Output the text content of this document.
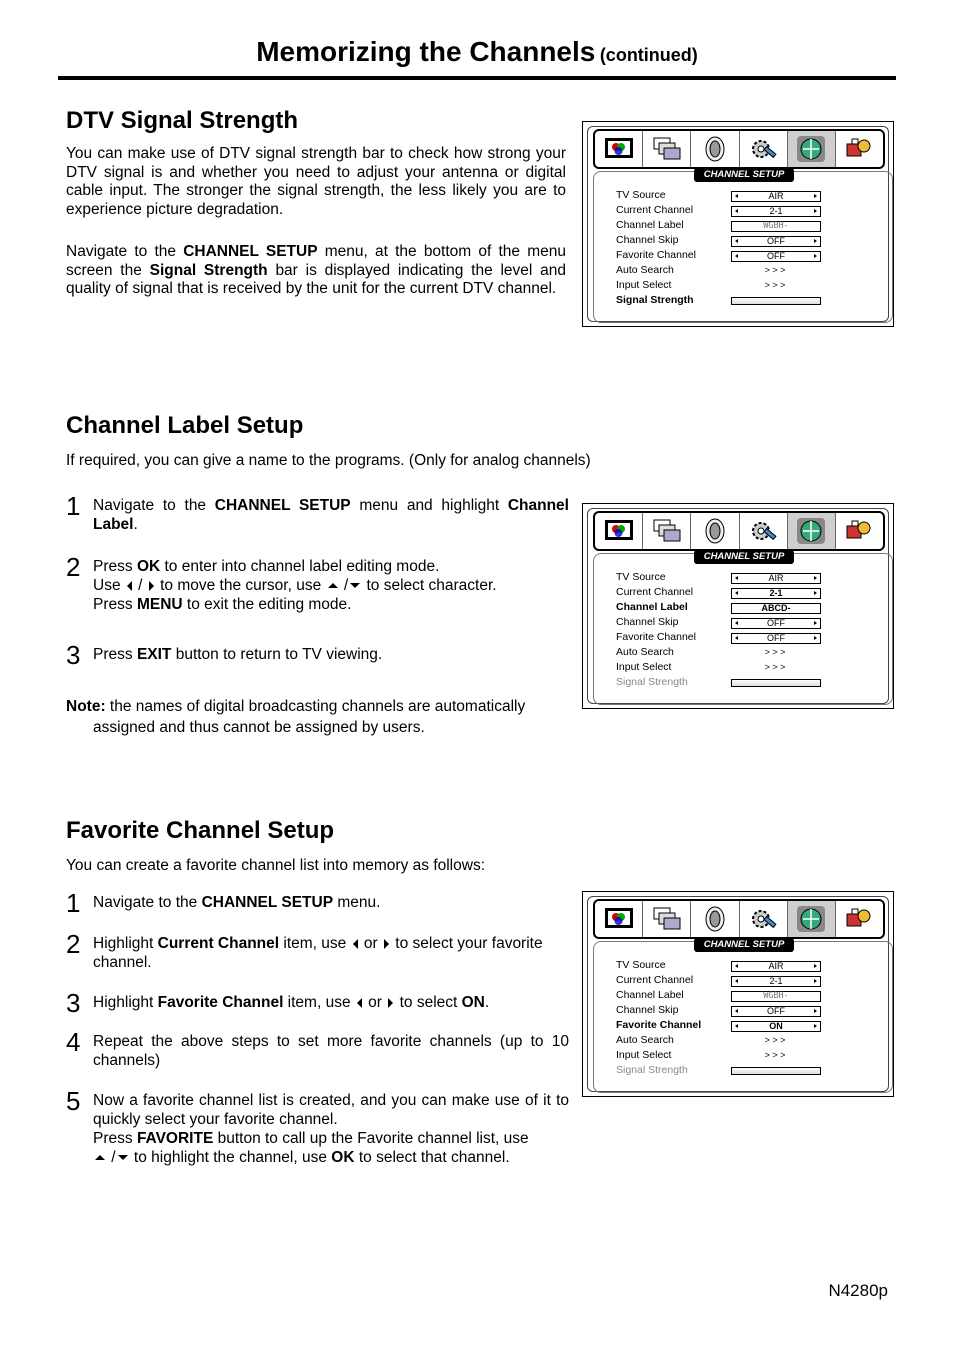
Memorizing the Channels (continued)
DTV Signal Strength
You can make use of DTV signal strength bar to check how strong your DTV signal is and whether you need to adjust your antenna or digital cable input. The stronger the signal strength, the less likely you are to experience picture degradation.
Navigate to the CHANNEL SETUP menu, at the bottom of the menu screen the Signal Strength bar is displayed indicating the level and quality of signal that is received by the unit for the current DTV channel.
CHANNEL SETUP
TV Source	AIR
Current Channel	2-1
Channel Label	WGBH-
Channel Skip	OFF
Favorite Channel	OFF
Auto Search	> > >
Input Select	> > >
Signal Strength
Channel Label Setup
If required, you can give a name to the programs. (Only for analog channels)
1 Navigate to the CHANNEL SETUP menu and highlight Channel Label.
2 Press OK to enter into channel label editing mode.
Use  /  to move the cursor, use  / to select character.
Press MENU to exit the editing mode.
3 Press EXIT button to return to TV viewing.
Note: the names of digital broadcasting channels are automatically
assigned and thus cannot be assigned by users.
CHANNEL SETUP
TV Source	AIR
Current Channel	2-1
Channel Label	ABCD-
Channel Skip	OFF
Favorite Channel	OFF
Auto Search	> > >
Input Select	> > >
Signal Strength
Favorite Channel Setup
You can create a favorite channel list into memory as follows:
1 Navigate to the CHANNEL SETUP menu.
2 Highlight Current Channel item, use  or  to select your favorite channel.
3 Highlight Favorite Channel item, use  or  to select ON.
4 Repeat the above steps to set more favorite channels (up to 10 channels)
5 Now a favorite channel list is created, and you can make use of it to quickly select your favorite channel.
Press FAVORITE button to call up the Favorite channel list, use
/ to highlight the channel, use OK to select that channel.
CHANNEL SETUP
TV Source	AIR
Current Channel	2-1
Channel Label	WGBH-
Channel Skip	OFF
Favorite Channel	ON
Auto Search	> > >
Input Select	> > >
Signal Strength
N4280p
